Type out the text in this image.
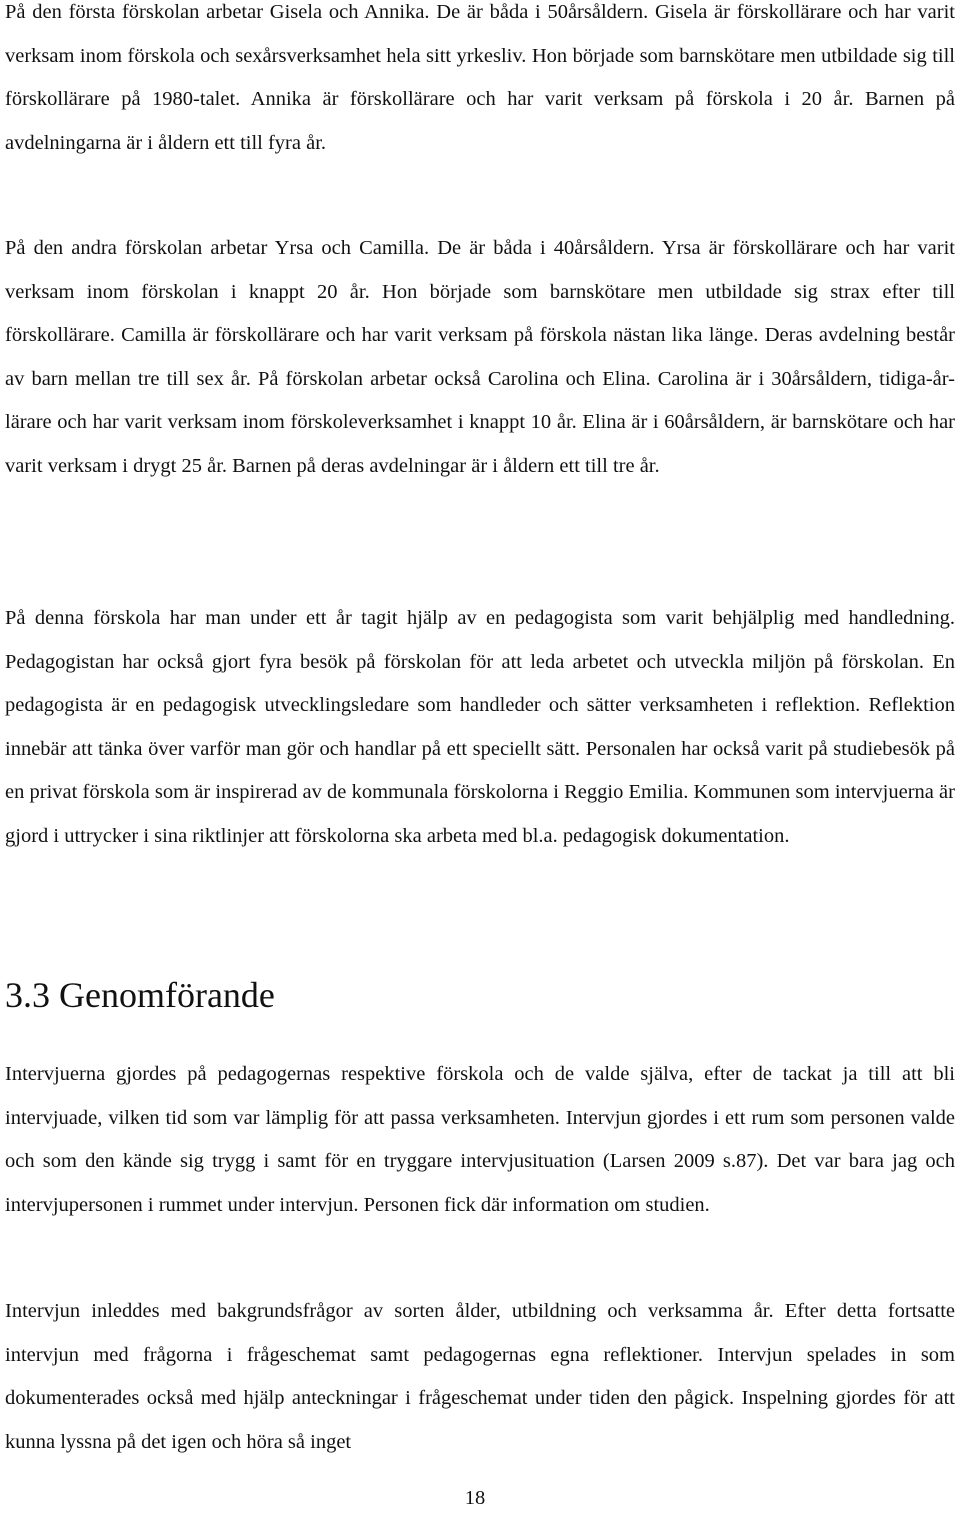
På den första förskolan arbetar Gisela och Annika. De är båda i 50årsåldern. Gisela är förskollärare och har varit verksam inom förskola och sexårsverksamhet hela sitt yrkesliv. Hon började som barnskötare men utbildade sig till förskollärare på 1980-talet. Annika är förskollärare och har varit verksam på förskola i 20 år. Barnen på avdelningarna är i åldern ett till fyra år.

På den andra förskolan arbetar Yrsa och Camilla. De är båda i 40årsåldern. Yrsa är förskollärare och har varit verksam inom förskolan i knappt 20 år. Hon började som barnskötare men utbildade sig strax efter till förskollärare. Camilla är förskollärare och har varit verksam på förskola nästan lika länge. Deras avdelning består av barn mellan tre till sex år. På förskolan arbetar också Carolina och Elina. Carolina är i 30årsåldern, tidiga-år-lärare och har varit verksam inom förskoleverksamhet i knappt 10 år. Elina är i 60årsåldern, är barnskötare och har varit verksam i drygt 25 år. Barnen på deras avdelningar är i åldern ett till tre år.

På denna förskola har man under ett år tagit hjälp av en pedagogista som varit behjälplig med handledning. Pedagogistan har också gjort fyra besök på förskolan för att leda arbetet och utveckla miljön på förskolan. En pedagogista är en pedagogisk utvecklingsledare som handleder och sätter verksamheten i reflektion. Reflektion innebär att tänka över varför man gör och handlar på ett speciellt sätt. Personalen har också varit på studiebesök på en privat förskola som är inspirerad av de kommunala förskolorna i Reggio Emilia. Kommunen som intervjuerna är gjord i uttrycker i sina riktlinjer att förskolorna ska arbeta med bl.a. pedagogisk dokumentation.

3.3 Genomförande

Intervjuerna gjordes på pedagogernas respektive förskola och de valde själva, efter de tackat ja till att bli intervjuade, vilken tid som var lämplig för att passa verksamheten. Intervjun gjordes i ett rum som personen valde och som den kände sig trygg i samt för en tryggare intervjusituation (Larsen 2009 s.87). Det var bara jag och intervjupersonen i rummet under intervjun. Personen fick där information om studien.

Intervjun inleddes med bakgrundsfrågor av sorten ålder, utbildning och verksamma år. Efter detta fortsatte intervjun med frågorna i frågeschemat samt pedagogernas egna reflektioner. Intervjun spelades in som dokumenterades också med hjälp anteckningar i frågeschemat under tiden den pågick. Inspelning gjordes för att kunna lyssna på det igen och höra så inget

18
